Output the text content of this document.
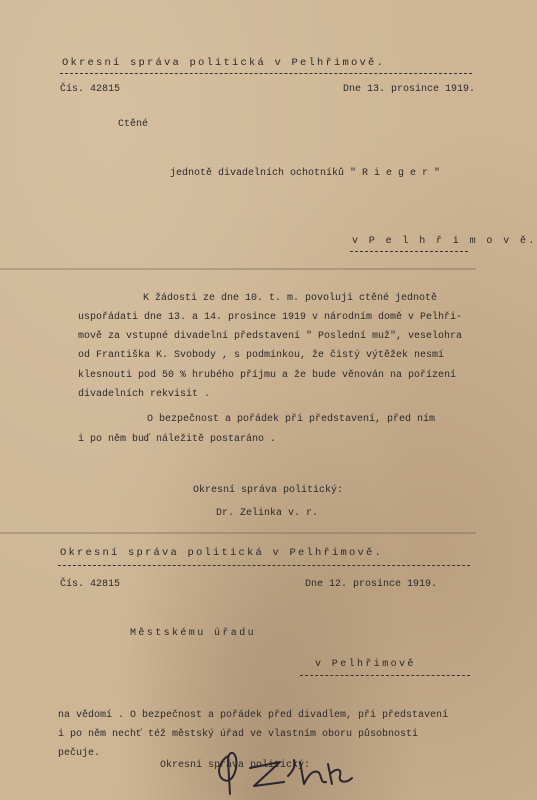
Okresní správa politická v Pelhřimově.
Čís. 42815	Dne 13. prosince 1919.
Ctěné
jednotě divadelních ochotníků " R i e g e r "
v P e l h ř i m o v ě.
K žádosti ze dne 10. t. m. povoluji ctěné jednotě
uspořádati dne 13. a 14. prosince 1919 v národním domě v Pelhři-
mově za vstupné divadelní představení " Poslední muž", veselohra
od Františka K. Svobody , s podmínkou, že čistý výtěžek nesmí
klesnouti pod 50 % hrubého příjmu a že bude věnován na pořízení
divadelních rekvisit .
O bezpečnost a pořádek při představení, před ním
i po něm buď náležitě postaráno .
Okresní správa politický:
Dr. Zelinka v. r.
Okresní správa politická v Pelhřimově.
Čís. 42815	Dne 12. prosince 1919.
Městskému úřadu
v Pelhřimově
na vědomí . O bezpečnost a pořádek před divadlem, při představení
i po něm nechť též městský úřad ve vlastním oboru působnosti
pečuje.
Okresní správa politický:
